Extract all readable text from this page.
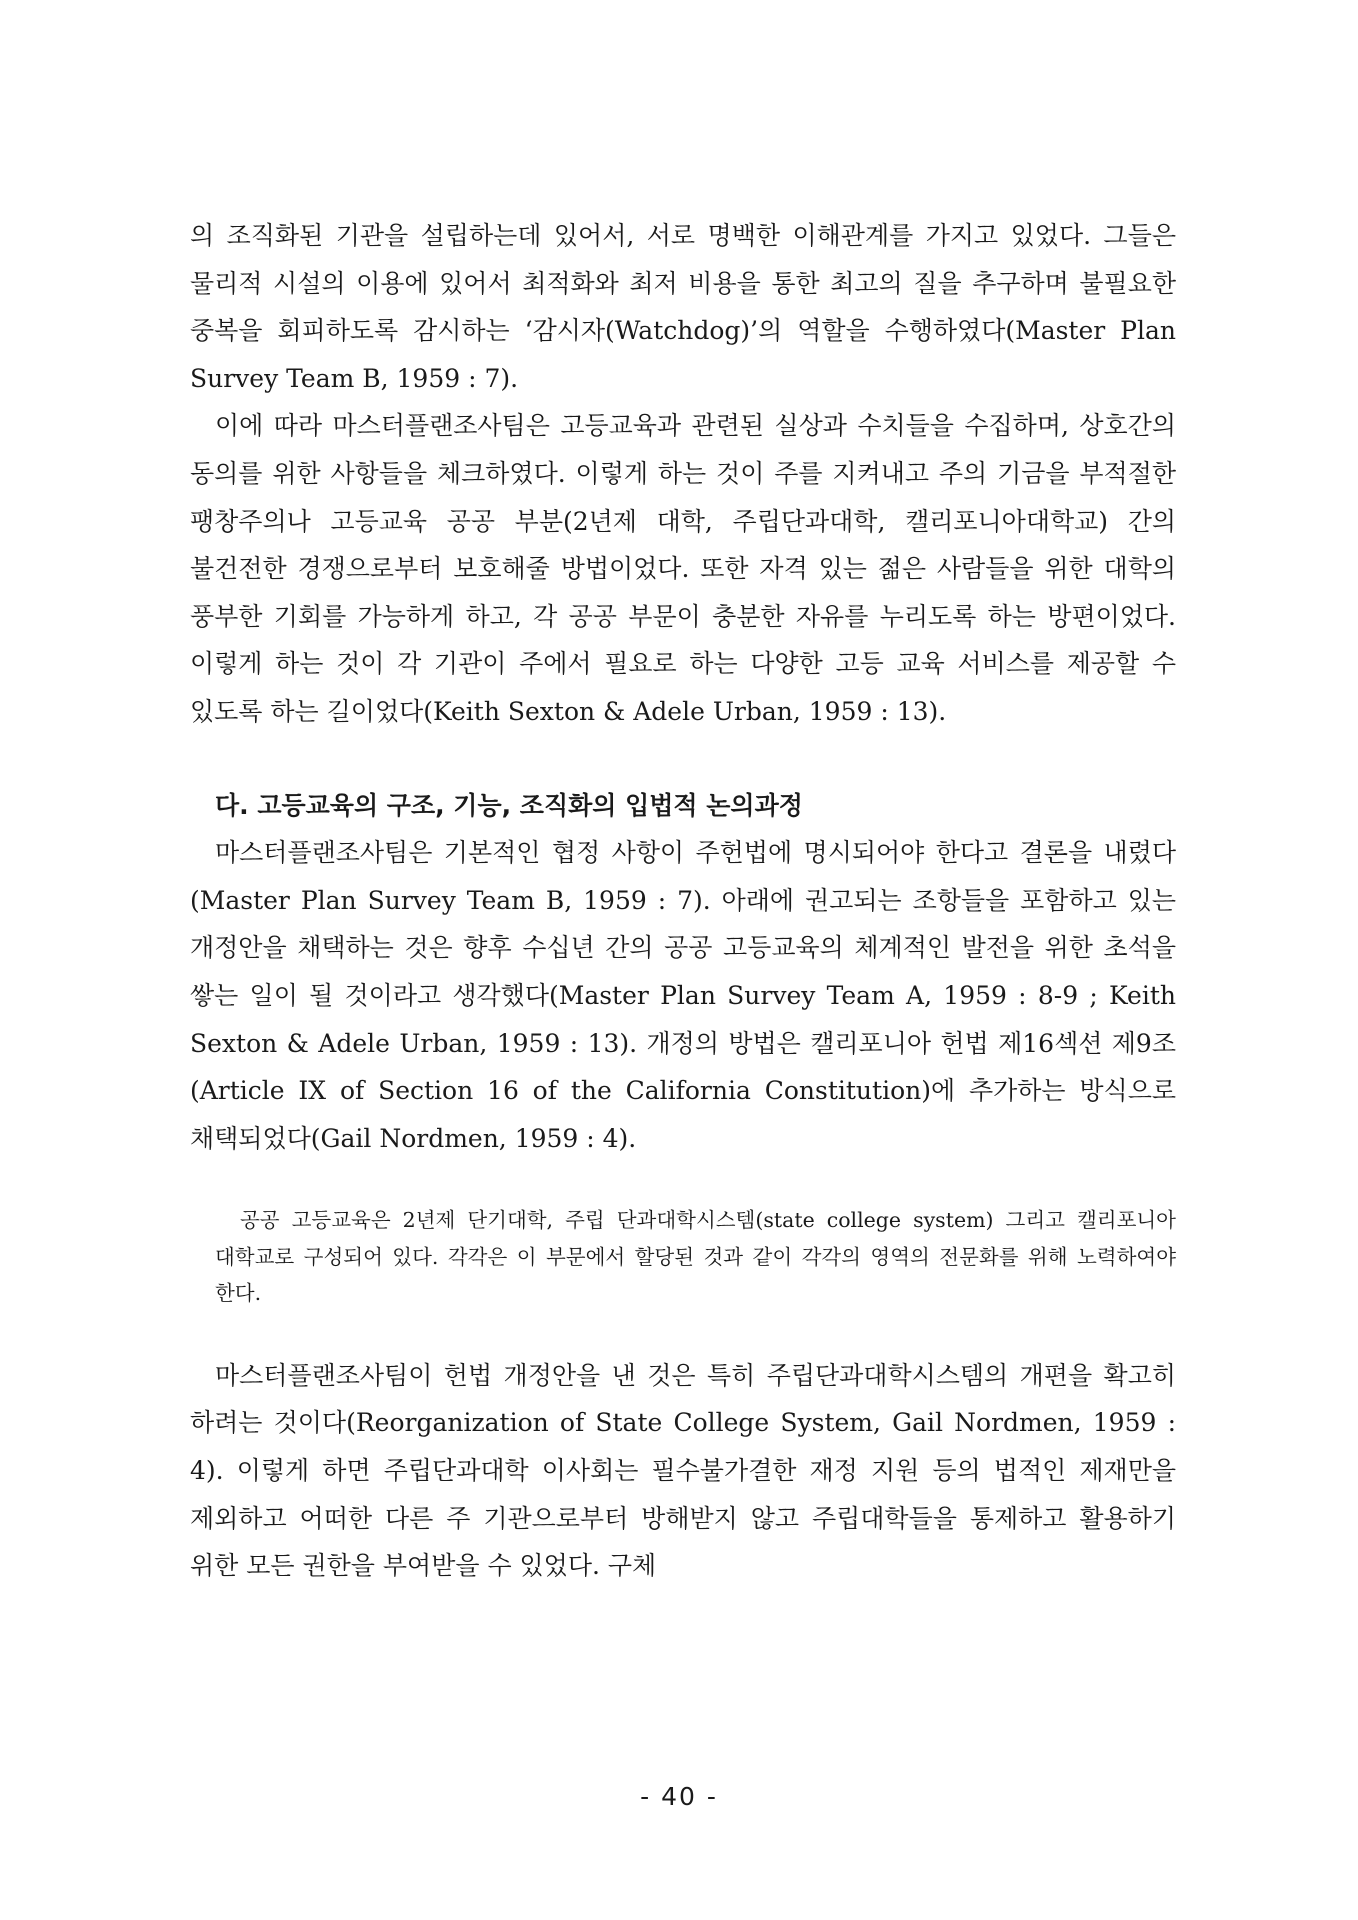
의 조직화된 기관을 설립하는데 있어서, 서로 명백한 이해관계를 가지고 있었다. 그들은 물리적 시설의 이용에 있어서 최적화와 최저 비용을 통한 최고의 질을 추구하며 불필요한 중복을 회피하도록 감시하는 ‘감시자(Watchdog)’의 역할을 수행하였다(Master Plan Survey Team B, 1959 : 7).

이에 따라 마스터플랜조사팀은 고등교육과 관련된 실상과 수치들을 수집하며, 상호간의 동의를 위한 사항들을 체크하였다. 이렇게 하는 것이 주를 지켜내고 주의 기금을 부적절한 팽창주의나 고등교육 공공 부분(2년제 대학, 주립단과대학, 캘리포니아대학교) 간의 불건전한 경쟁으로부터 보호해줄 방법이었다. 또한 자격 있는 젊은 사람들을 위한 대학의 풍부한 기회를 가능하게 하고, 각 공공 부문이 충분한 자유를 누리도록 하는 방편이었다. 이렇게 하는 것이 각 기관이 주에서 필요로 하는 다양한 고등 교육 서비스를 제공할 수 있도록 하는 길이었다(Keith Sexton & Adele Urban, 1959 : 13).

다. 고등교육의 구조, 기능, 조직화의 입법적 논의과정

마스터플랜조사팀은 기본적인 협정 사항이 주헌법에 명시되어야 한다고 결론을 내렸다(Master Plan Survey Team B, 1959 : 7). 아래에 권고되는 조항들을 포함하고 있는 개정안을 채택하는 것은 향후 수십년 간의 공공 고등교육의 체계적인 발전을 위한 초석을 쌓는 일이 될 것이라고 생각했다(Master Plan Survey Team A, 1959 : 8-9 ; Keith Sexton & Adele Urban, 1959 : 13). 개정의 방법은 캘리포니아 헌법 제16섹션 제9조(Article IX of Section 16 of the California Constitution)에 추가하는 방식으로 채택되었다(Gail Nordmen, 1959 : 4).

공공 고등교육은 2년제 단기대학, 주립 단과대학시스템(state college system) 그리고 캘리포니아 대학교로 구성되어 있다. 각각은 이 부문에서 할당된 것과 같이 각각의 영역의 전문화를 위해 노력하여야 한다.

마스터플랜조사팀이 헌법 개정안을 낸 것은 특히 주립단과대학시스템의 개편을 확고히 하려는 것이다(Reorganization of State College System, Gail Nordmen, 1959 : 4). 이렇게 하면 주립단과대학 이사회는 필수불가결한 재정 지원 등의 법적인 제재만을 제외하고 어떠한 다른 주 기관으로부터 방해받지 않고 주립대학들을 통제하고 활용하기 위한 모든 권한을 부여받을 수 있었다. 구체

- 40 -
